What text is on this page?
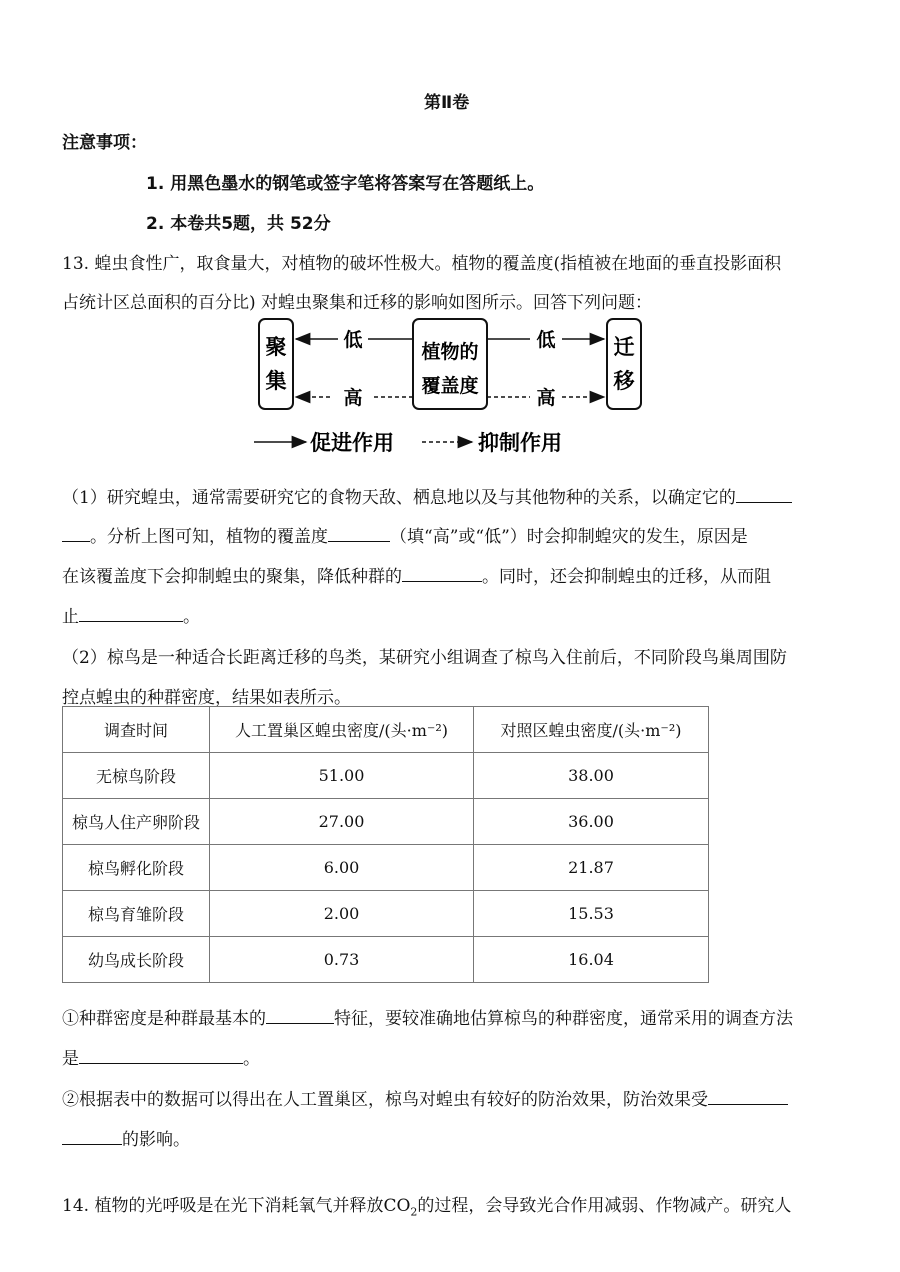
第Ⅱ卷
注意事项：
1. 用黑色墨水的钢笔或签字笔将答案写在答题纸上。
2. 本卷共5题，共 52分
13. 蝗虫食性广，取食量大，对植物的破坏性极大。植物的覆盖度(指植被在地面的垂直投影面积
占统计区总面积的百分比) 对蝗虫聚集和迁移的影响如图所示。回答下列问题：
聚
集
植物的
覆盖度
迁
移
低
高
低
高
促进作用	抑制作用
（1）研究蝗虫，通常需要研究它的食物天敌、栖息地以及与其他物种的关系，以确定它的
。分析上图可知，植物的覆盖度	（填“高”或“低”）时会抑制蝗灾的发生，原因是
在该覆盖度下会抑制蝗虫的聚集，降低种群的	。同时，还会抑制蝗虫的迁移，从而阻
止	。
（2）椋鸟是一种适合长距离迁移的鸟类，某研究小组调查了椋鸟入住前后，不同阶段鸟巢周围防
控点蝗虫的种群密度，结果如表所示。
调查时间	人工置巢区蝗虫密度/(头·m⁻²)	对照区蝗虫密度/(头·m⁻²)
无椋鸟阶段	51.00	38.00
椋鸟人住产卵阶段	27.00	36.00
椋鸟孵化阶段	6.00	21.87
椋鸟育雏阶段	2.00	15.53
幼鸟成长阶段	0.73	16.04
①种群密度是种群最基本的	特征，要较准确地估算椋鸟的种群密度，通常采用的调查方法
是	。
②根据表中的数据可以得出在人工置巢区，椋鸟对蝗虫有较好的防治效果，防治效果受
的影响。
14. 植物的光呼吸是在光下消耗氧气并释放$CO_2$的过程，会导致光合作用减弱、作物减产。研究人
